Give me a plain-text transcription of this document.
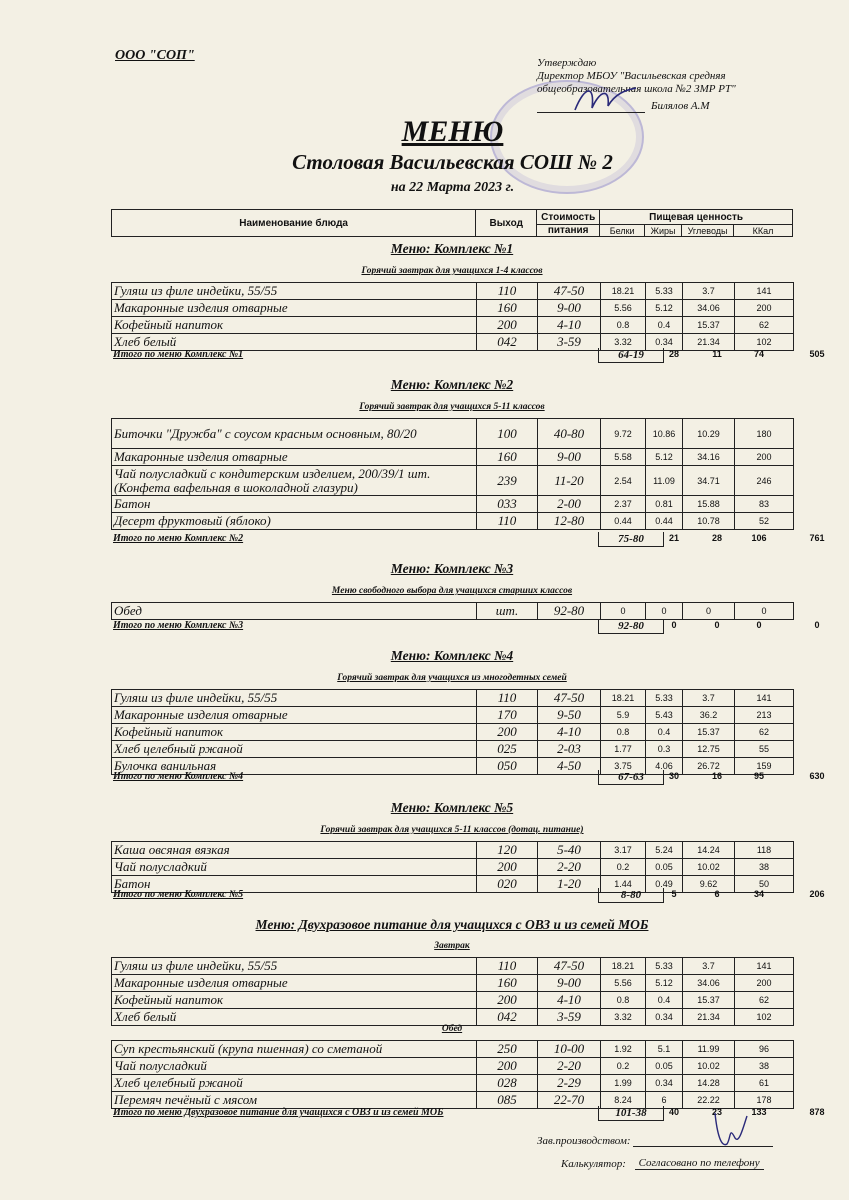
ООО "СОП"	Утверждаю
Директор МБОУ "Васильевская средняя
общеобразовательная школа №2 ЗМР РТ"
Билялов А.М
МЕНЮ
Столовая Васильевская СОШ № 2
на 22 Марта 2023 г.
Наименование блюда	Выход	Стоимость	Пищевая ценность			
		питания	Белки	Жиры	Углеводы	ККал
Меню: Комплекс №1
Горячий завтрак для учащихся 1-4 классов
Гуляш из филе индейки, 55/55	110	47-50	18.21	5.33	3.7	141
Макаронные изделия отварные	160	9-00	5.56	5.12	34.06	200
Кофейный напиток	200	4-10	0.8	0.4	15.37	62
Хлеб белый	042	3-59	3.32	0.34	21.34	102
Итого по меню Комплекс №1	64-19	28	11	74	505
Меню: Комплекс №2
Горячий завтрак для учащихся 5-11 классов
Биточки "Дружба" с соусом красным основным, 80/20	100	40-80	9.72	10.86	10.29	180
Макаронные изделия отварные	160	9-00	5.58	5.12	34.16	200
Чай полусладкий с кондитерским изделием, 200/39/1 шт. (Конфета вафельная в шоколадной глазури)	239	11-20	2.54	11.09	34.71	246
Батон	033	2-00	2.37	0.81	15.88	83
Десерт фруктовый (яблоко)	110	12-80	0.44	0.44	10.78	52
Итого по меню Комплекс №2	75-80	21	28	106	761
Меню: Комплекс №3
Меню свободного выбора для учащихся старших классов
Обед	шт.	92-80	0	0	0	0
Итого по меню Комплекс №3	92-80	0	0	0	0
Меню: Комплекс №4
Горячий завтрак для учащихся из многодетных семей
Гуляш из филе индейки, 55/55	110	47-50	18.21	5.33	3.7	141
Макаронные изделия отварные	170	9-50	5.9	5.43	36.2	213
Кофейный напиток	200	4-10	0.8	0.4	15.37	62
Хлеб целебный ржаной	025	2-03	1.77	0.3	12.75	55
Булочка ванильная	050	4-50	3.75	4.06	26.72	159
Итого по меню Комплекс №4	67-63	30	16	95	630
Меню: Комплекс №5
Горячий завтрак для учащихся 5-11 классов (дотац. питание)
Каша овсяная вязкая	120	5-40	3.17	5.24	14.24	118
Чай полусладкий	200	2-20	0.2	0.05	10.02	38
Батон	020	1-20	1.44	0.49	9.62	50
Итого по меню Комплекс №5	8-80	5	6	34	206
Меню: Двухразовое питание для учащихся с ОВЗ и из семей МОБ
Завтрак
Гуляш из филе индейки, 55/55	110	47-50	18.21	5.33	3.7	141
Макаронные изделия отварные	160	9-00	5.56	5.12	34.06	200
Кофейный напиток	200	4-10	0.8	0.4	15.37	62
Хлеб белый	042	3-59	3.32	0.34	21.34	102
Обед
Суп крестьянский (крупа пшенная) со сметаной	250	10-00	1.92	5.1	11.99	96
Чай полусладкий	200	2-20	0.2	0.05	10.02	38
Хлеб целебный ржаной	028	2-29	1.99	0.34	14.28	61
Перемяч печёный с мясом	085	22-70	8.24	6	22.22	178
Итого по меню Двухразовое питание для учащихся с ОВЗ и из семей МОБ	101-38	40	23	133	878
Зав.производством:
Калькулятор: Согласовано по телефону
